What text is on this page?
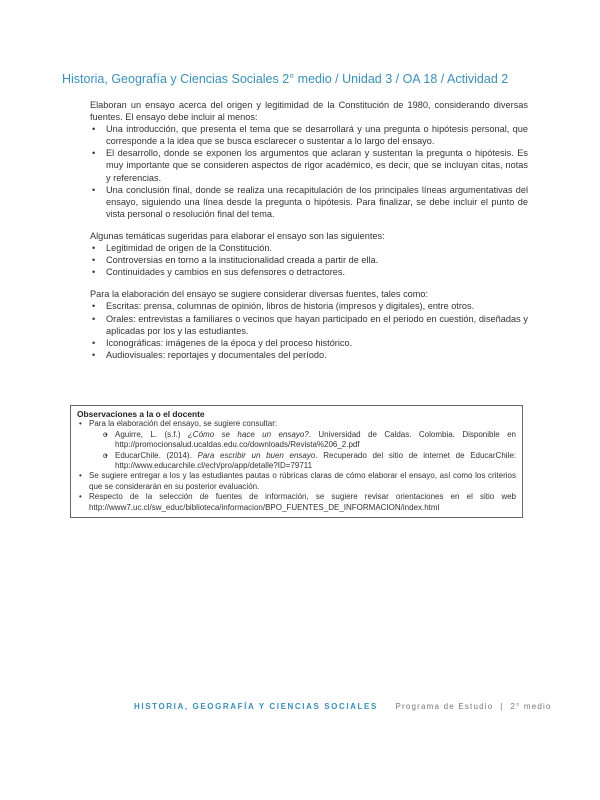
Historia, Geografía y Ciencias Sociales 2° medio / Unidad 3 / OA 18 / Actividad 2

Elaboran un ensayo acerca del origen y legitimidad de la Constitución de 1980, considerando diversas fuentes. El ensayo debe incluir al menos:

• Una introducción, que presenta el tema que se desarrollará y una pregunta o hipótesis personal, que corresponde a la idea que se busca esclarecer o sustentar a lo largo del ensayo.
• El desarrollo, donde se exponen los argumentos que aclaran y sustentan la pregunta o hipótesis. Es muy importante que se consideren aspectos de rigor académico, es decir, que se incluyan citas, notas y referencias.
• Una conclusión final, donde se realiza una recapitulación de los principales líneas argumentativas del ensayo, siguiendo una línea desde la pregunta o hipótesis. Para finalizar, se debe incluir el punto de vista personal o resolución final del tema.

Algunas temáticas sugeridas para elaborar el ensayo son las siguientes:

• Legitimidad de origen de la Constitución.
• Controversias en torno a la institucionalidad creada a partir de ella.
• Continuidades y cambios en sus defensores o detractores.

Para la elaboración del ensayo se sugiere considerar diversas fuentes, tales como:

• Escritas: prensa, columnas de opinión, libros de historia (impresos y digitales), entre otros.
• Orales: entrevistas a familiares o vecinos que hayan participado en el periodo en cuestión, diseñadas y aplicadas por los y las estudiantes.
• Iconográficas: imágenes de la época y del proceso histórico.
• Audiovisuales: reportajes y documentales del período.
Observaciones a la o el docente
• Para la elaboración del ensayo, se sugiere consultar:
• o Aguirre, L. (s.f.) ¿Cómo se hace un ensayo?. Universidad de Caldas. Colombia. Disponible en http://promocionsalud.ucaldas.edu.co/downloads/Revista%206_2.pdf
• o EducarChile. (2014). Para escribir un buen ensayo. Recuperado del sitio de internet de EducarChile: http://www.educarchile.cl/ech/pro/app/detalle?ID=79711
• Se sugiere entregar a los y las estudiantes pautas o rúbricas claras de cómo elaborar el ensayo, así como los criterios que se considerarán en su posterior evaluación.
• Respecto de la selección de fuentes de información, se sugiere revisar orientaciones en el sitio web http://www7.uc.cl/sw_educ/biblioteca/informacion/BPO_FUENTES_DE_INFORMACION/index.html
HISTORIA, GEOGRAFÍA Y CIENCIAS SOCIALES Programa de Estudio | 2° medio
